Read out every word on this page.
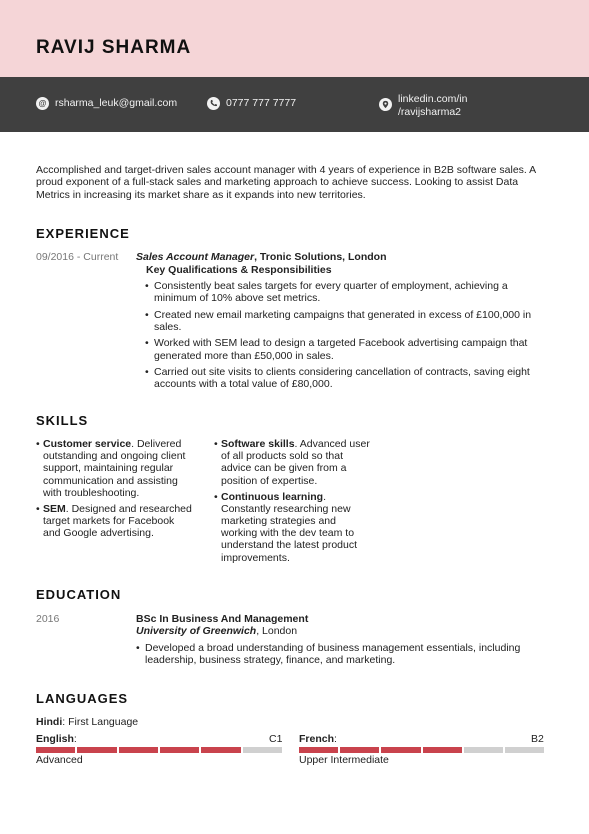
RAVIJ SHARMA
@ rsharma_leuk@gmail.com	0777 777 7777	linkedin.com/in
/ravijsharma2
Accomplished and target-driven sales account manager with 4 years of experience in B2B software sales. A proud exponent of a full-stack sales and marketing approach to achieve success. Looking to assist Data Metrics in increasing its market share as it expands into new territories.
EXPERIENCE
09/2016 - Current Sales Account Manager, Tronic Solutions, London
Key Qualifications & Responsibilities
• Consistently beat sales targets for every quarter of employment, achieving a minimum of 10% above set metrics.
• Created new email marketing campaigns that generated in excess of £100,000 in sales.
• Worked with SEM lead to design a targeted Facebook advertising campaign that generated more than £50,000 in sales.
• Carried out site visits to clients considering cancellation of contracts, saving eight accounts with a total value of £80,000.
SKILLS
• Customer service. Delivered outstanding and ongoing client support, maintaining regular communication and assisting with troubleshooting.
• SEM. Designed and researched target markets for Facebook and Google advertising.
• Software skills. Advanced user of all products sold so that advice can be given from a position of expertise.
• Continuous learning. Constantly researching new marketing strategies and working with the dev team to understand the latest product improvements.
EDUCATION
2016	BSc In Business And Management
University of Greenwich, London
• Developed a broad understanding of business management essentials, including leadership, business strategy, finance, and marketing.
LANGUAGES
Hindi: First Language
English:	C1
Advanced
French:	B2
Upper Intermediate
